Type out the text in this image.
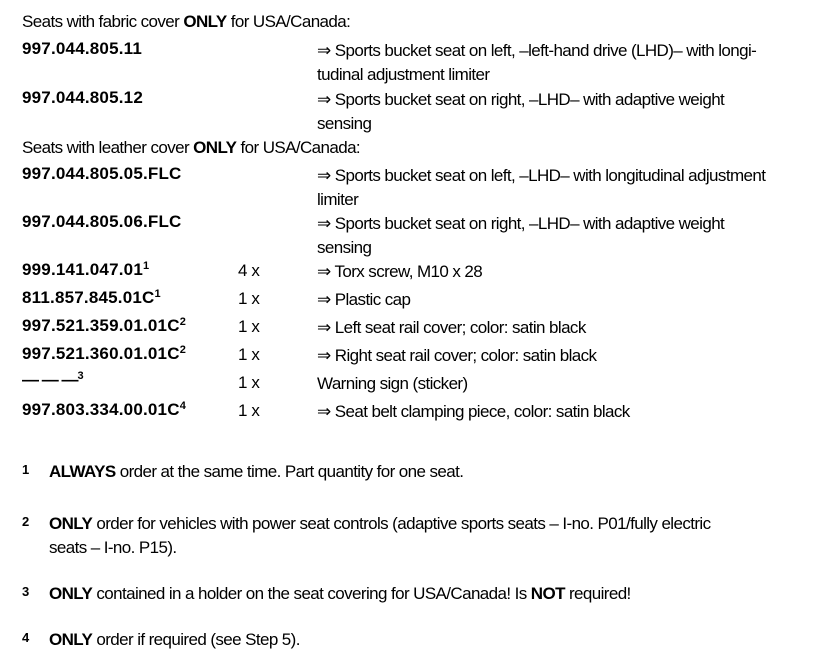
Seats with fabric cover ONLY for USA/Canada:
997.044.805.11	⇒ Sports bucket seat on left, –left-hand drive (LHD)– with longi-
tudinal adjustment limiter
997.044.805.12	⇒ Sports bucket seat on right, –LHD– with adaptive weight
sensing
Seats with leather cover ONLY for USA/Canada:
997.044.805.05.FLC	⇒ Sports bucket seat on left, –LHD– with longitudinal adjustment
limiter
997.044.805.06.FLC	⇒ Sports bucket seat on right, –LHD– with adaptive weight
sensing
999.141.047.01$^1$	4 x	⇒ Torx screw, M10 x 28
$811.857.845.01C^1$	1 x	⇒ Plastic cap
$997.521.359.01.01C^2$	1 x	⇒ Left seat rail cover; color: satin black
$997.521.360.01.01C^2$	1 x	⇒ Right seat rail cover; color: satin black
— — —$^3$	1 x	Warning sign (sticker)
$997.803.334.00.01C^4$	1 x	⇒ Seat belt clamping piece, color: satin black
1 ALWAYS order at the same time. Part quantity for one seat.
2 ONLY order for vehicles with power seat controls (adaptive sports seats – I-no. P01/fully electric
seats – I-no. P15).
3 ONLY contained in a holder on the seat covering for USA/Canada! Is NOT required!
4 ONLY order if required (see Step 5).
